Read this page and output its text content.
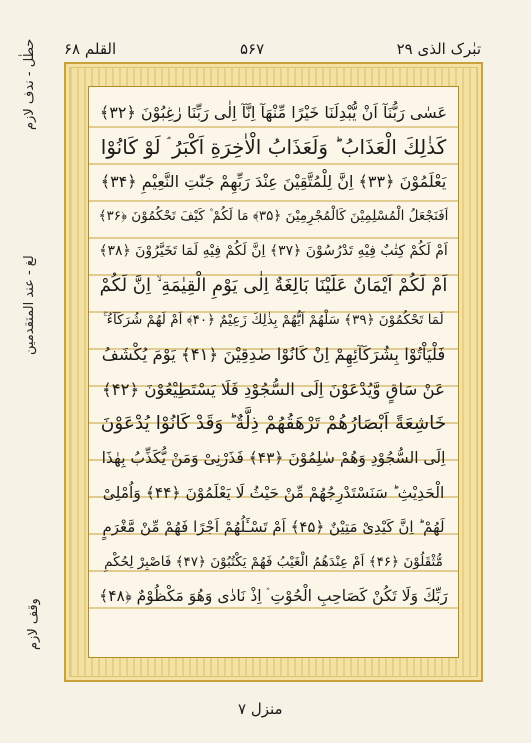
تبٰرک الذی ۲۹
۵۶۷
القلم ۶۸
حطٰل - ندف لازم
لغ - عند المتقدمين
وقف لازم
عَسٰى رَبُّنَآ اَنْ یُّبْدِلَنَا خَیْرًا مِّنْهَآ اِنَّآ اِلٰى رَبِّنَا رٰغِبُوْنَ ﴿۳۲﴾
كَذٰلِكَ الْعَذَابُ ؕ وَلَعَذَابُ الْاٰخِرَةِ اَكْبَرُ ۘ لَوْ كَانُوْا
یَعْلَمُوْنَ ﴿۳۳﴾ اِنَّ لِلْمُتَّقِیْنَ عِنْدَ رَبِّهِمْ جَنّٰتِ النَّعِیْمِ ﴿۳۴﴾
اَفَنَجْعَلُ الْمُسْلِمِیْنَ كَالْمُجْرِمِیْنَ ﴿۳۵﴾ مَا لَكُمْ ۫ كَیْفَ تَحْكُمُوْنَ ﴿۳۶﴾
اَمْ لَكُمْ كِتٰبٌ فِیْهِ تَدْرُسُوْنَ ﴿۳۷﴾ اِنَّ لَكُمْ فِیْهِ لَمَا تَخَیَّرُوْنَ ﴿۳۸﴾
اَمْ لَكُمْ اَیْمَانٌ عَلَیْنَا بَالِغَةٌ اِلٰى یَوْمِ الْقِیٰمَةِ ۙ اِنَّ لَكُمْ
لَمَا تَحْكُمُوْنَ ﴿۳۹﴾ سَلْهُمْ اَیُّهُمْ بِذٰلِكَ زَعِیْمٌ ﴿۴۰﴾ اَمْ لَهُمْ شُرَكَآءُ ۚۛ
فَلْیَاْتُوْا بِشُرَكَآئِهِمْ اِنْ كَانُوْا صٰدِقِیْنَ ﴿۴۱﴾ یَوْمَ یُكْشَفُ
عَنْ سَاقٍ وَّیُدْعَوْنَ اِلَى السُّجُوْدِ فَلَا یَسْتَطِیْعُوْنَ ﴿۴۲﴾
خَاشِعَةً اَبْصَارُهُمْ تَرْهَقُهُمْ ذِلَّةٌ ؕ وَقَدْ كَانُوْا یُدْعَوْنَ
اِلَى السُّجُوْدِ وَهُمْ سٰلِمُوْنَ ﴿۴۳﴾ فَذَرْنِیْ وَمَنْ یُّكَذِّبُ بِهٰذَا
الْحَدِیْثِ ؕ سَنَسْتَدْرِجُهُمْ مِّنْ حَیْثُ لَا یَعْلَمُوْنَ ﴿۴۴﴾ وَاُمْلِیْ
لَهُمْ ؕ اِنَّ كَیْدِیْ مَتِیْنٌ ﴿۴۵﴾ اَمْ تَسْـَٔلُهُمْ اَجْرًا فَهُمْ مِّنْ مَّغْرَمٍ
مُّثْقَلُوْنَ ﴿۴۶﴾ اَمْ عِنْدَهُمُ الْغَیْبُ فَهُمْ یَكْتُبُوْنَ ﴿۴۷﴾ فَاصْبِرْ لِحُكْمِ
رَبِّكَ وَلَا تَكُنْ كَصَاحِبِ الْحُوْتِ ۘ اِذْ نَادٰى وَهُوَ مَكْظُوْمٌ ﴿۴۸﴾
منزل ۷
